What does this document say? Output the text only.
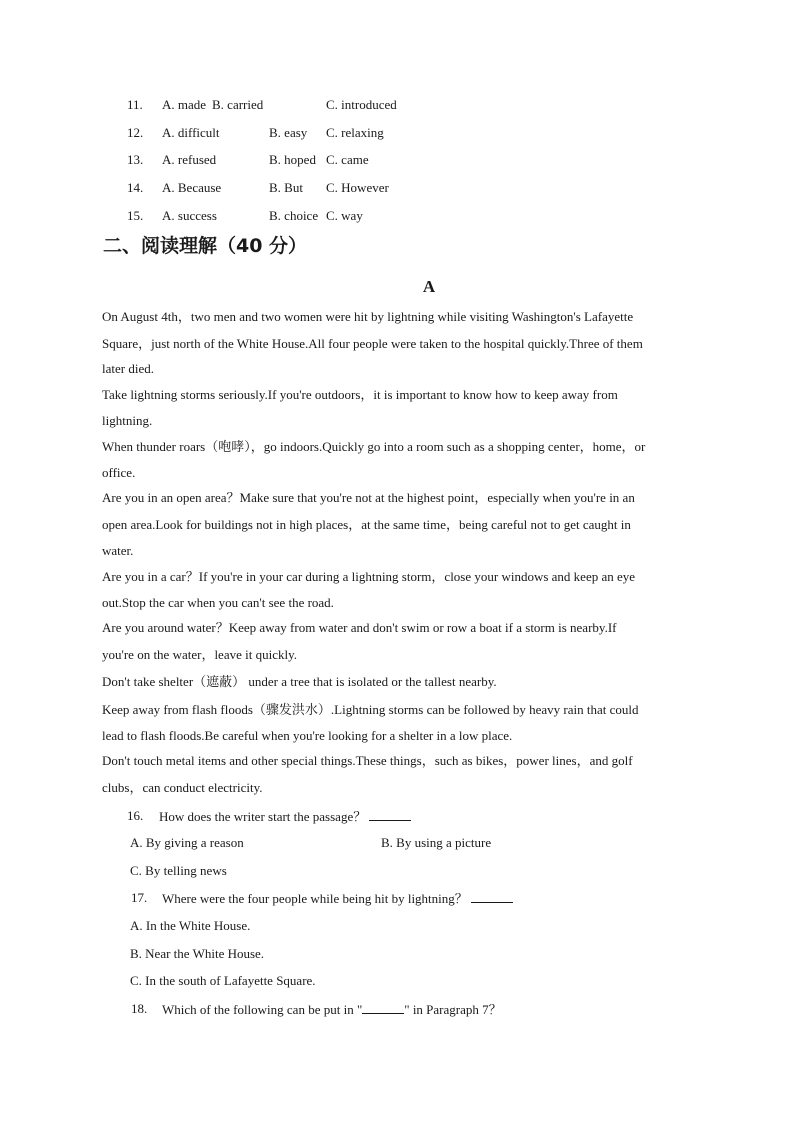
11. A. made B. carried	C. introduced
12. A. difficult	B. easy C. relaxing
13. A. refused	B. hoped C. came
14. A. Because	B. But C. However
15. A. success	B. choice C. way
二、阅读理解（40 分）
A
On August 4th，two men and two women were hit by lightning while visiting Washington's Lafayette
Square，just north of the White House.All four people were taken to the hospital quickly.Three of them
later died.
Take lightning storms seriously.If you're outdoors，it is important to know how to keep away from
lightning.
When thunder roars（咆哮），go indoors.Quickly go into a room such as a shopping center，home，or
office.
Are you in an open area？Make sure that you're not at the highest point，especially when you're in an
open area.Look for buildings not in high places，at the same time，being careful not to get caught in
water.
Are you in a car？If you're in your car during a lightning storm，close your windows and keep an eye
out.Stop the car when you can't see the road.
Are you around water？Keep away from water and don't swim or row a boat if a storm is nearby.If
you're on the water，leave it quickly.
Don't take shelter（遮蔽） under a tree that is isolated or the tallest nearby.
Keep away from flash floods（骤发洪水）.Lightning storms can be followed by heavy rain that could
lead to flash floods.Be careful when you're looking for a shelter in a low place.
Don't touch metal items and other special things.These things，such as bikes，power lines，and golf
clubs，can conduct electricity.
16. How does the writer start the passage？
A. By giving a reason	B. By using a picture
C. By telling news
17. Where were the four people while being hit by lightning？
A. In the White House.
B. Near the White House.
C. In the south of Lafayette Square.
18. Which of the following can be put in "	" in Paragraph 7？
